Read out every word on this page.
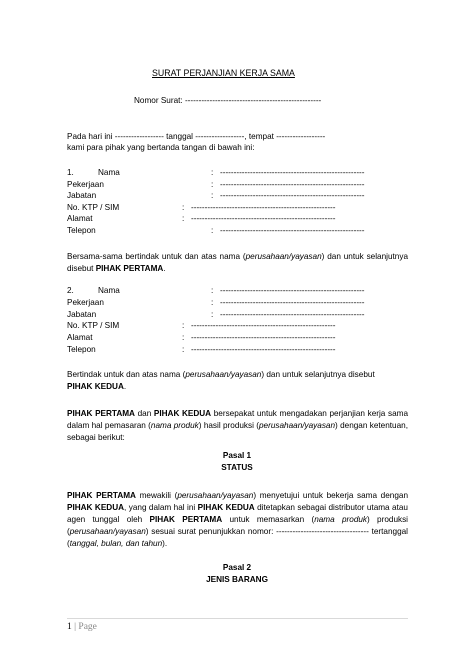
SURAT PERJANJIAN KERJA SAMA
Nomor Surat: --------------------------------------------------
Pada hari ini ------------------ tanggal ------------------, tempat ------------------
kami para pihak yang bertanda tangan di bawah ini:
1.	Nama	: -----------------------------------------------------
Pekerjaan	: -----------------------------------------------------
Jabatan	: -----------------------------------------------------
No. KTP / SIM	: -----------------------------------------------------
Alamat	: -----------------------------------------------------
Telepon	: -----------------------------------------------------
Bersama-sama bertindak untuk dan atas nama (perusahaan/yayasan) dan untuk selanjutnya disebut PIHAK PERTAMA.
2.	Nama	: -----------------------------------------------------
Pekerjaan	: -----------------------------------------------------
Jabatan	: -----------------------------------------------------
No. KTP / SIM	: -----------------------------------------------------
Alamat	: -----------------------------------------------------
Telepon	: -----------------------------------------------------
Bertindak untuk dan atas nama (perusahaan/yayasan) dan untuk selanjutnya disebut
PIHAK KEDUA.
PIHAK PERTAMA dan PIHAK KEDUA bersepakat untuk mengadakan perjanjian kerja sama dalam hal pemasaran (nama produk) hasil produksi (perusahaan/yayasan) dengan ketentuan, sebagai berikut:
Pasal 1
STATUS
PIHAK PERTAMA mewakili (perusahaan/yayasan) menyetujui untuk bekerja sama dengan PIHAK KEDUA, yang dalam hal ini PIHAK KEDUA ditetapkan sebagai distributor utama atau agen tunggal oleh PIHAK PERTAMA untuk memasarkan (nama produk) produksi (perusahaan/yayasan) sesuai surat penunjukkan nomor: ---------------------------------- tertanggal (tanggal, bulan, dan tahun).
Pasal 2
JENIS BARANG
1 | Page
